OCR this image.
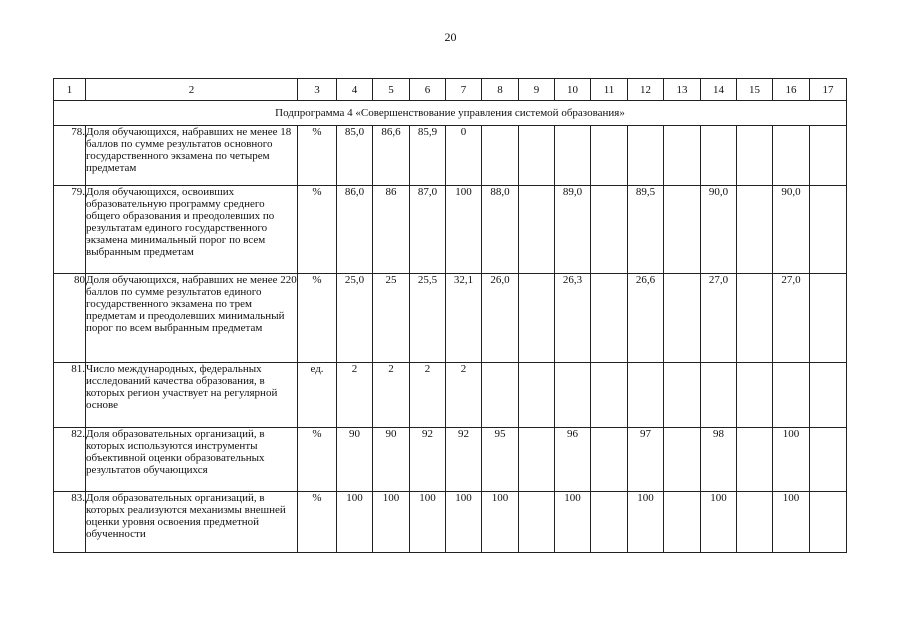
20
1	2	3	4	5	6	7	8	9	10	11	12	13	14	15	16	17
Подпрограмма 4 «Совершенствование управления системой образования»																
78.	Доля обучающихся, набравших не менее 18 баллов по сумме результатов основного государственного экзамена по четырем предметам	%	85,0	86,6	85,9	0										
79.	Доля обучающихся, освоивших образовательную программу среднего общего образования и преодолевших по результатам единого государственного экзамена минимальный порог по всем выбранным предметам	%	86,0	86	87,0	100	88,0		89,0		89,5		90,0		90,0	
80	Доля обучающихся, набравших не менее 220 баллов по сумме результатов единого государственного экзамена по трем предметам и преодолевших минимальный порог по всем выбранным предметам	%	25,0	25	25,5	32,1	26,0		26,3		26,6		27,0		27,0	
81.	Число международных, федеральных исследований качества образования, в которых регион участвует на регулярной основе	ед.	2	2	2	2										
82.	Доля образовательных организаций, в которых используются инструменты объективной оценки образовательных результатов обучающихся	%	90	90	92	92	95		96		97		98		100	
83.	Доля образовательных организаций, в которых реализуются механизмы внешней оценки уровня освоения предметной обученности	%	100	100	100	100	100		100		100		100		100	
